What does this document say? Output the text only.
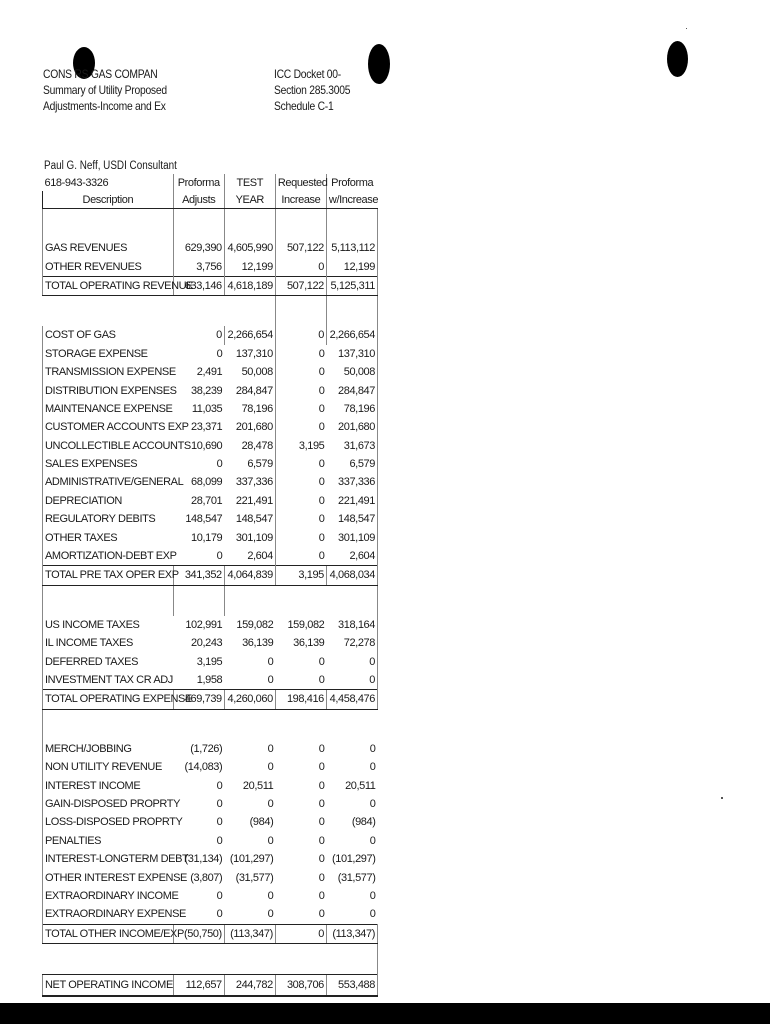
CONS RS GAS COMPAN
Summary of Utility Proposed
Adjustments-Income and Ex
ICC Docket 00-
Section 285.3005
Schedule C-1
Paul G. Neff, USDI Consultant
618-943-3326	Proforma	TEST	Requested	Proforma
Description	Adjusts	YEAR	Increase	w/Increase

GAS REVENUES	629,390	4,605,990	507,122	5,113,112
OTHER REVENUES	3,756	12,199	0	12,199
TOTAL OPERATING REVENUE	633,146	4,618,189	507,122	5,125,311

COST OF GAS	0	2,266,654	0	2,266,654
STORAGE EXPENSE	0	137,310	0	137,310
TRANSMISSION EXPENSE	2,491	50,008	0	50,008
DISTRIBUTION EXPENSES	38,239	284,847	0	284,847
MAINTENANCE EXPENSE	11,035	78,196	0	78,196
CUSTOMER ACCOUNTS EXP	23,371	201,680	0	201,680
UNCOLLECTIBLE ACCOUNTS	10,690	28,478	3,195	31,673
SALES EXPENSES	0	6,579	0	6,579
ADMINISTRATIVE/GENERAL	68,099	337,336	0	337,336
DEPRECIATION	28,701	221,491	0	221,491
REGULATORY DEBITS	148,547	148,547	0	148,547
OTHER TAXES	10,179	301,109	0	301,109
AMORTIZATION-DEBT EXP	0	2,604	0	2,604
TOTAL PRE TAX OPER EXP	341,352	4,064,839	3,195	4,068,034

US INCOME TAXES	102,991	159,082	159,082	318,164
IL INCOME TAXES	20,243	36,139	36,139	72,278
DEFERRED TAXES	3,195	0	0	0
INVESTMENT TAX CR ADJ	1,958	0	0	0
TOTAL OPERATING EXPENSE	469,739	4,260,060	198,416	4,458,476

MERCH/JOBBING	(1,726)	0	0	0
NON UTILITY REVENUE	(14,083)	0	0	0
INTEREST INCOME	0	20,511	0	20,511
GAIN-DISPOSED PROPRTY	0	0	0	0
LOSS-DISPOSED PROPRTY	0	(984)	0	(984)
PENALTIES	0	0	0	0
INTEREST-LONGTERM DEBT	(31,134)	(101,297)	0	(101,297)
OTHER INTEREST EXPENSE	(3,807)	(31,577)	0	(31,577)
EXTRAORDINARY INCOME	0	0	0	0
EXTRAORDINARY EXPENSE	0	0	0	0
TOTAL OTHER INCOME/EXP	(50,750)	(113,347)	0	(113,347)

NET OPERATING INCOME	112,657	244,782	308,706	553,488
